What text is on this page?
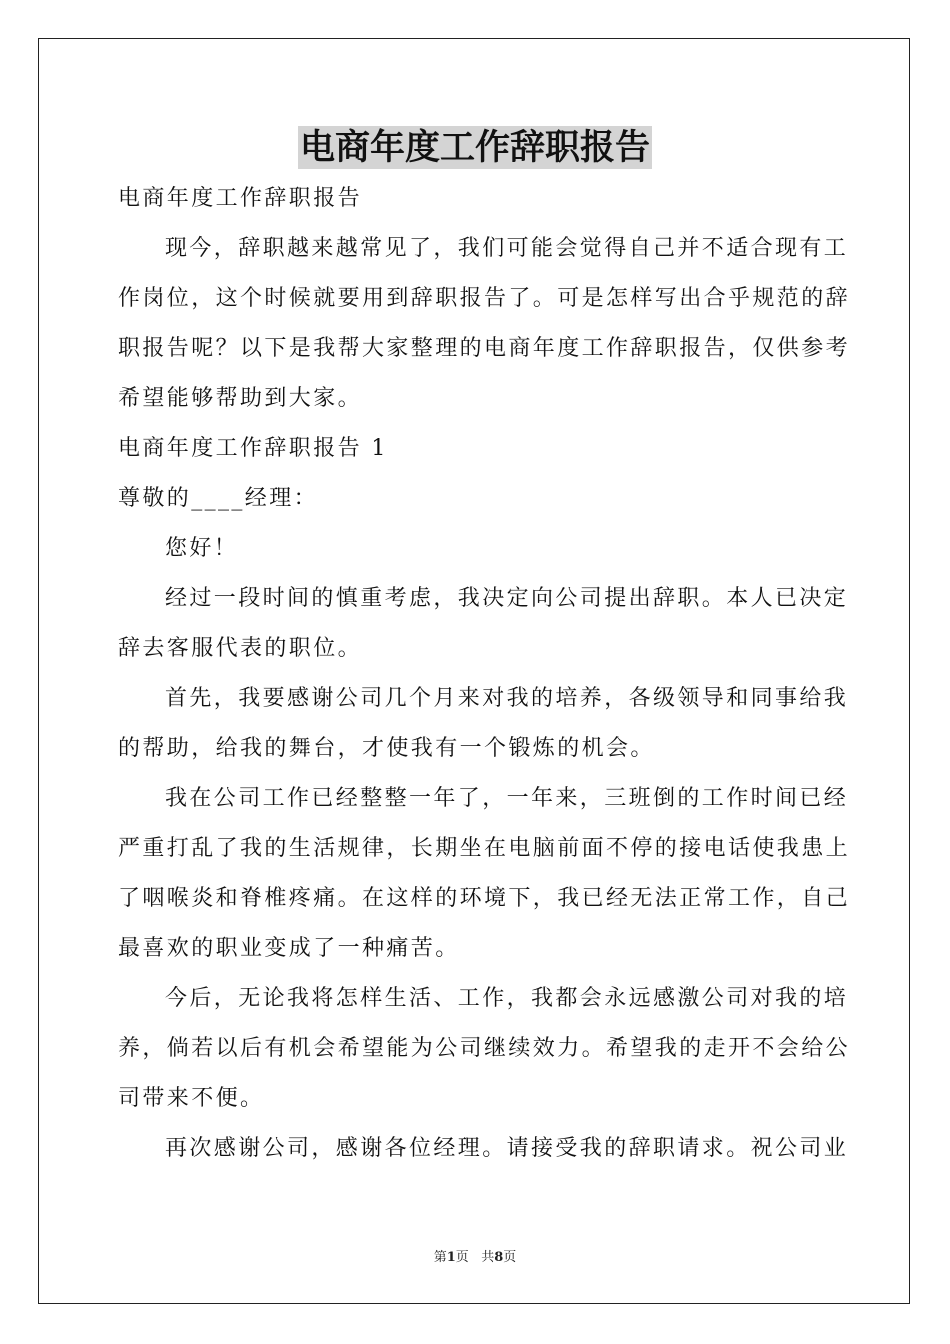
电商年度工作辞职报告
电商年度工作辞职报告
现今，辞职越来越常见了，我们可能会觉得自己并不适合现有工
作岗位，这个时候就要用到辞职报告了。可是怎样写出合乎规范的辞
职报告呢？以下是我帮大家整理的电商年度工作辞职报告，仅供参考
希望能够帮助到大家。
电商年度工作辞职报告 1
尊敬的____经理：
您好！
经过一段时间的慎重考虑，我决定向公司提出辞职。本人已决定
辞去客服代表的职位。
首先，我要感谢公司几个月来对我的培养，各级领导和同事给我
的帮助，给我的舞台，才使我有一个锻炼的机会。
我在公司工作已经整整一年了，一年来，三班倒的工作时间已经
严重打乱了我的生活规律，长期坐在电脑前面不停的接电话使我患上
了咽喉炎和脊椎疼痛。在这样的环境下，我已经无法正常工作，自己
最喜欢的职业变成了一种痛苦。
今后，无论我将怎样生活、工作，我都会永远感激公司对我的培
养，倘若以后有机会希望能为公司继续效力。希望我的走开不会给公
司带来不便。
再次感谢公司，感谢各位经理。请接受我的辞职请求。祝公司业
第1页 共8页
